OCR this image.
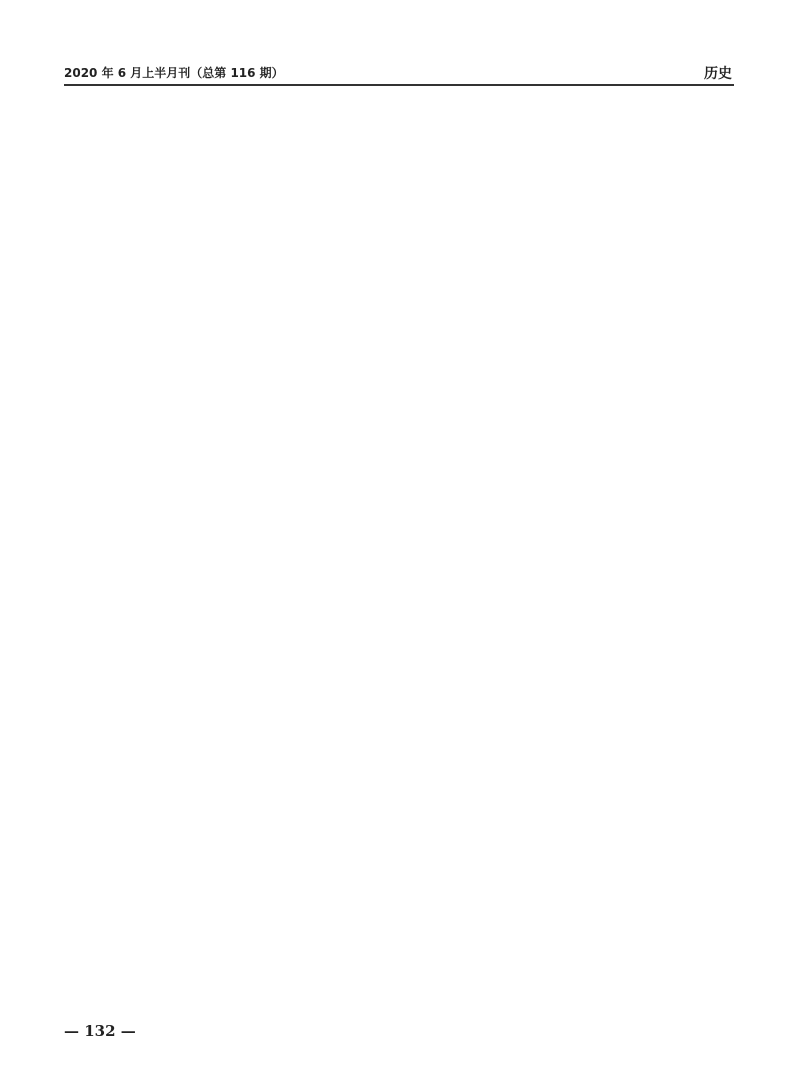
2020 年 6 月上半月刊（总第 116 期）	历史
— 132 —
